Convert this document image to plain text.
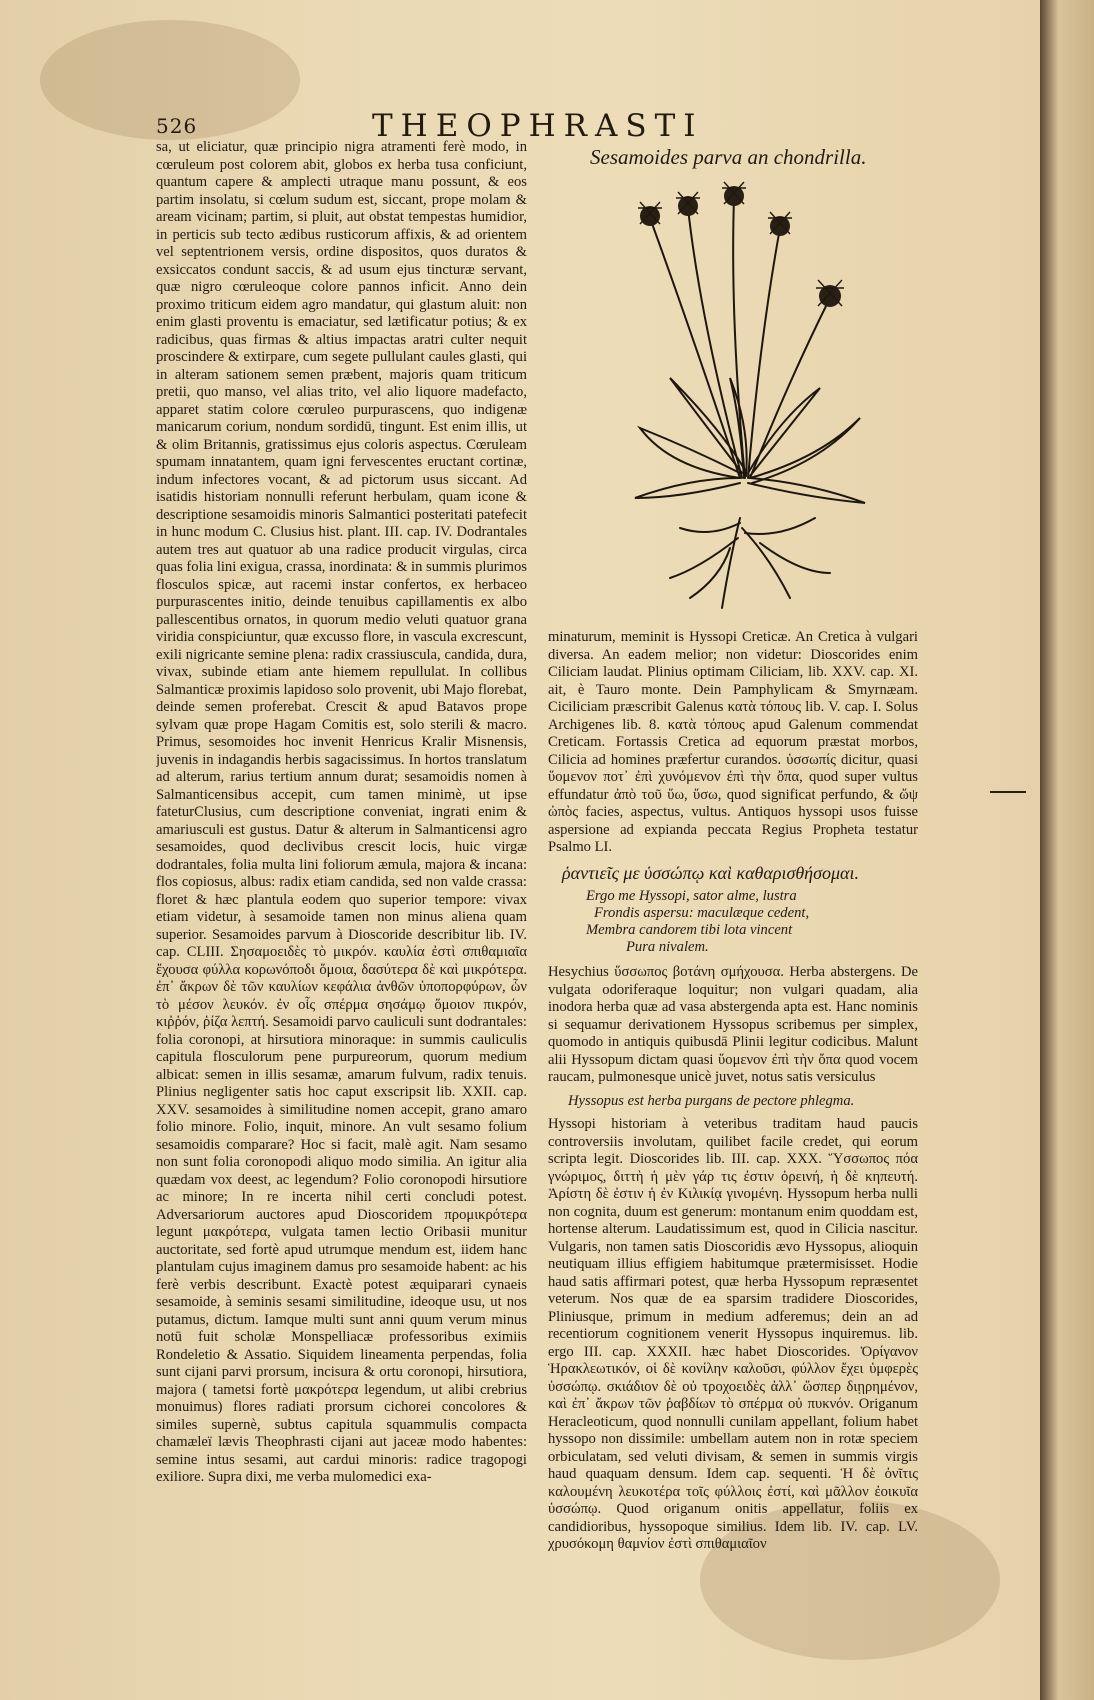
526	THEOPHRASTI
Sesamoides parva an chondrilla.

sa, ut eliciatur, quæ principio nigra atramenti ferè modo, in cœruleum post colorem abit, globos ex herba tusa conficiunt, quantum capere & amplecti utraque manu possunt, & eos partim insolatu, si cœlum sudum est, siccant, prope molam & aream vicinam; partim, si pluit, aut obstat tempestas humidior, in perticis sub tecto ædibus rusticorum affixis, & ad orientem vel septentrionem versis, ordine dispositos, quos duratos & exsiccatos condunt saccis, & ad usum ejus tincturæ servant, quæ nigro cœruleoque colore pannos inficit. Anno dein proximo triticum eidem agro mandatur, qui glastum aluit: non enim glasti proventu is emaciatur, sed lætificatur potius; & ex radicibus, quas firmas & altius impactas aratri culter nequit proscindere & extirpare, cum segete pullulant caules glasti, qui in alteram sationem semen præbent, majoris quam triticum pretii, quo manso, vel alias trito, vel alio liquore madefacto, apparet statim colore cœruleo purpurascens, quo indigenæ manicarum corium, nondum sordidū, tingunt. Est enim illis, ut & olim Britannis, gratissimus ejus coloris aspectus. Cœruleam spumam innatantem, quam igni fervescentes eructant cortinæ, indum infectores vocant, & ad pictorum usus siccant. Ad isatidis historiam nonnulli referunt herbulam, quam icone & descriptione sesamoidis minoris Salmantici posteritati patefecit in hunc modum C. Clusius hist. plant. III. cap. IV. Dodrantales autem tres aut quatuor ab una radice producit virgulas, circa quas folia lini exigua, crassa, inordinata: & in summis plurimos flosculos spicæ, aut racemi instar confertos, ex herbaceo purpurascentes initio, deinde tenuibus capillamentis ex albo pallescentibus ornatos, in quorum medio veluti quatuor grana viridia conspiciuntur, quæ excusso flore, in vascula excrescunt, exili nigricante semine plena: radix crassiuscula, candida, dura, vivax, subinde etiam ante hiemem repullulat. In collibus Salmanticæ proximis lapidoso solo provenit, ubi Majo florebat, deinde semen proferebat. Crescit & apud Batavos prope sylvam quæ prope Hagam Comitis est, solo sterili & macro. Primus, sesomoides hoc invenit Henricus Kralir Misnensis, juvenis in indagandis herbis sagacissimus. In hortos translatum ad alterum, rarius tertium annum durat; sesamoidis nomen à Salmanticensibus accepit, cum tamen minimè, ut ipse fateturClusius, cum descriptione conveniat, ingrati enim & amariusculi est gustus. Datur & alterum in Salmanticensi agro sesamoides, quod declivibus crescit locis, huic virgæ dodrantales, folia multa lini foliorum æmula, majora & incana: flos copiosus, albus: radix etiam candida, sed non valde crassa: floret & hæc plantula eodem quo superior tempore: vivax etiam videtur, à sesamoide tamen non minus aliena quam superior. Sesamoides parvum à Dioscoride describitur lib. IV. cap. CLIII. Σησαμοειδὲς τὸ μικρόν. καυλία ἐστὶ σπιθαμιαῖα ἔχουσα φύλλα κορωνόποδι ὅμοια, δασύτερα δὲ καὶ μικρότερα. ἐπ᾽ ἄκρων δὲ τῶν καυλίων κεφάλια ἀνθῶν ὑποπορφύρων, ὧν τὸ μέσον λευκόν. ἐν οἷς σπέρμα σησάμῳ ὅμοιον πικρόν, κιῤῥόν, ῥίζα λεπτή. Sesamoidi parvo cauliculi sunt dodrantales: folia coronopi, at hirsutiora minoraque: in summis cauliculis capitula flosculorum pene purpureorum, quorum medium albicat: semen in illis sesamæ, amarum fulvum, radix tenuis. Plinius negligenter satis hoc caput exscripsit lib. XXII. cap. XXV. sesamoides à similitudine nomen accepit, grano amaro folio minore. Folio, inquit, minore. An vult sesamo folium sesamoidis comparare? Hoc si facit, malè agit. Nam sesamo non sunt folia coronopodi aliquo modo similia. An igitur alia quædam vox deest, ac legendum? Folio coronopodi hirsutiore ac minore; In re incerta nihil certi concludi potest. Adversariorum auctores apud Dioscoridem προμικρότερα legunt μακρότερα, vulgata tamen lectio Oribasii munitur auctoritate, sed fortè apud utrumque mendum est, iidem hanc plantulam cujus imaginem damus pro sesamoide habent: ac his ferè verbis describunt. Exactè potest æquiparari cynaeis sesamoide, à seminis sesami similitudine, ideoque usu, ut nos putamus, dictum. Iamque multi sunt anni quum verum minus notū fuit scholæ Monspelliacæ professoribus eximiis Rondeletio & Assatio. Siquidem lineamenta perpendas, folia sunt cijani parvi prorsum, incisura & ortu coronopi, hirsutiora, majora ( tametsi fortè μακρότερα legendum, ut alibi crebrius monuimus) flores radiati prorsum cichorei concolores & similes supernè, subtus capitula squammulis compacta chamæleï lævis Theophrasti cijani aut jaceæ modo habentes: semine intus sesami, aut cardui minoris: radice tragopogi exiliore. Supra dixi, me verba mulomedici exa-

minaturum, meminit is Hyssopi Creticæ. An Cretica à vulgari diversa. An eadem melior; non videtur: Dioscorides enim Ciliciam laudat. Plinius optimam Ciliciam, lib. XXV. cap. XI. ait, è Tauro monte. Dein Pamphylicam & Smyrnæam. Ciciliciam præscribit Galenus κατὰ τόπους lib. V. cap. I. Solus Archigenes lib. 8. κατὰ τόπους apud Galenum commendat Creticam. Fortassis Cretica ad equorum præstat morbos, Cilicia ad homines præfertur curandos. ὑσσωπίς dicitur, quasi ὕομενον ποτ᾽ ἐπὶ χυνόμενον ἐπὶ τὴν ὄπα, quod super vultus effundatur ἀπὸ τοῦ ὕω, ὕσω, quod significat perfundo, & ὤψ ὠπὸς facies, aspectus, vultus. Antiquos hyssopi usos fuisse aspersione ad expianda peccata Regius Propheta testatur Psalmo LI.

ῥαντιεῖς με ὑσσώπῳ καὶ καθαρισθήσομαι.
Ergo me Hyssopi, sator alme, lustra
Frondis aspersu: maculæque cedent,
Membra candorem tibi lota vincent
Pura nivalem.

Hesychius ὕσσωπος βοτάνη σμήχουσα. Herba abstergens. De vulgata odoriferaque loquitur; non vulgari quadam, alia inodora herba quæ ad vasa abstergenda apta est. Hanc nominis si sequamur derivationem Hyssopus scribemus per simplex, quomodo in antiquis quibusdā Plinii legitur codicibus. Malunt alii Hyssopum dictam quasi ὕομενον ἐπὶ τὴν ὄπα quod vocem raucam, pulmonesque unicè juvet, notus satis versiculus

Hyssopus est herba purgans de pectore phlegma.

Hyssopi historiam à veteribus traditam haud paucis controversiis involutam, quilibet facile credet, qui eorum scripta legit. Dioscorides lib. III. cap. XXX. Ὕσσωπος πόα γνώριμος, διττὴ ἡ μὲν γάρ τις ἐστιν ὀρεινή, ἡ δὲ κηπευτή. Ἀρίστη δὲ ἐστιν ἡ ἐν Κιλικίᾳ γινομένη. Hyssopum herba nulli non cognita, duum est generum: montanum enim quoddam est, hortense alterum. Laudatissimum est, quod in Cilicia nascitur. Vulgaris, non tamen satis Dioscoridis ævo Hyssopus, alioquin neutiquam illius effigiem habitumque prætermisisset. Hodie haud satis affirmari potest, quæ herba Hyssopum repræsentet veterum. Nos quæ de ea sparsim tradidere Dioscorides, Pliniusque, primum in medium adferemus; dein an ad recentiorum cognitionem venerit Hyssopus inquiremus. lib. ergo III. cap. XXXII. hæc habet Dioscorides. Ὀρίγανον Ἡρακλεωτικόν, οἱ δὲ κονίλην καλοῦσι, φύλλον ἔχει ὑμφερὲς ὑσσώπῳ. σκιάδιον δὲ οὐ τροχοειδὲς ἀλλ᾽ ὥσπερ διῃρημένον, καὶ ἐπ᾽ ἄκρων τῶν ῥαβδίων τὸ σπέρμα οὐ πυκνόν. Origanum Heracleoticum, quod nonnulli cunilam appellant, folium habet hyssopo non dissimile: umbellam autem non in rotæ speciem orbiculatam, sed veluti divisam, & semen in summis virgis haud quaquam densum. Idem cap. sequenti. Ἡ δὲ ὀνῖτις καλουμένη λευκοτέρα τοῖς φύλλοις ἐστί, καὶ μᾶλλον ἐοικυῖα ὑσσώπῳ. Quod origanum onitis appellatur, foliis ex candidioribus, hyssopoque similius. Idem lib. IV. cap. LV. χρυσόκομη θαμνίον ἐστὶ σπιθαμιαῖον
